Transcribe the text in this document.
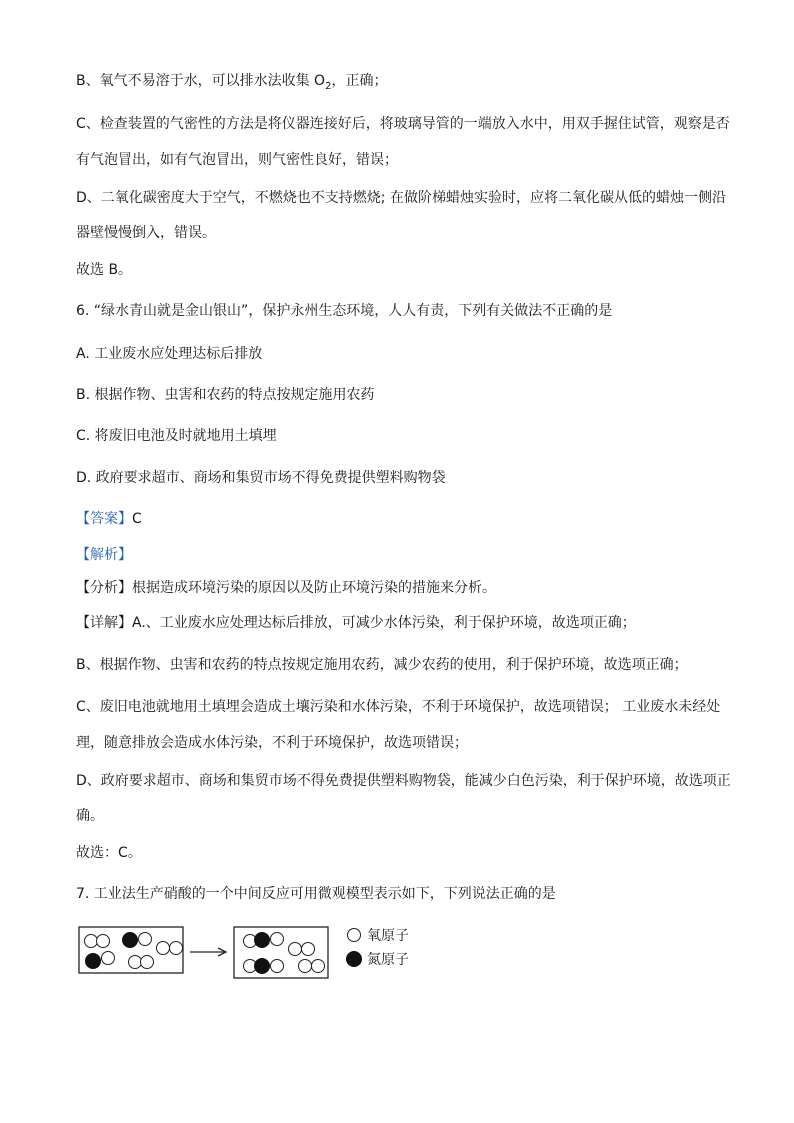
B、氧气不易溶于水，可以排水法收集 $O_2$，正确；
C、检查装置的气密性的方法是将仪器连接好后，将玻璃导管的一端放入水中，用双手握住试管，观察是否
有气泡冒出，如有气泡冒出，则气密性良好，错误；
D、二氧化碳密度大于空气，不燃烧也不支持燃烧; 在做阶梯蜡烛实验时，应将二氧化碳从低的蜡烛一侧沿
器壁慢慢倒入，错误。
故选 B。
6. “绿水青山就是金山银山”，保护永州生态环境，人人有责，下列有关做法不正确的是
A. 工业废水应处理达标后排放
B. 根据作物、虫害和农药的特点按规定施用农药
C. 将废旧电池及时就地用土填埋
D. 政府要求超市、商场和集贸市场不得免费提供塑料购物袋
【答案】C
【解析】
【分析】根据造成环境污染的原因以及防止环境污染的措施来分析。
【详解】A.、工业废水应处理达标后排放，可减少水体污染，利于保护环境，故选项正确；
B、根据作物、虫害和农药的特点按规定施用农药，减少农药的使用，利于保护环境，故选项正确；
C、废旧电池就地用土填埋会造成土壤污染和水体污染，不利于环境保护，故选项错误； 工业废水未经处
理，随意排放会造成水体污染，不利于环境保护，故选项错误；
D、政府要求超市、商场和集贸市场不得免费提供塑料购物袋，能减少白色污染，利于保护环境，故选项正
确。
故选：C。
7. 工业法生产硝酸的一个中间反应可用微观模型表示如下，下列说法正确的是
氧原子
氮原子
